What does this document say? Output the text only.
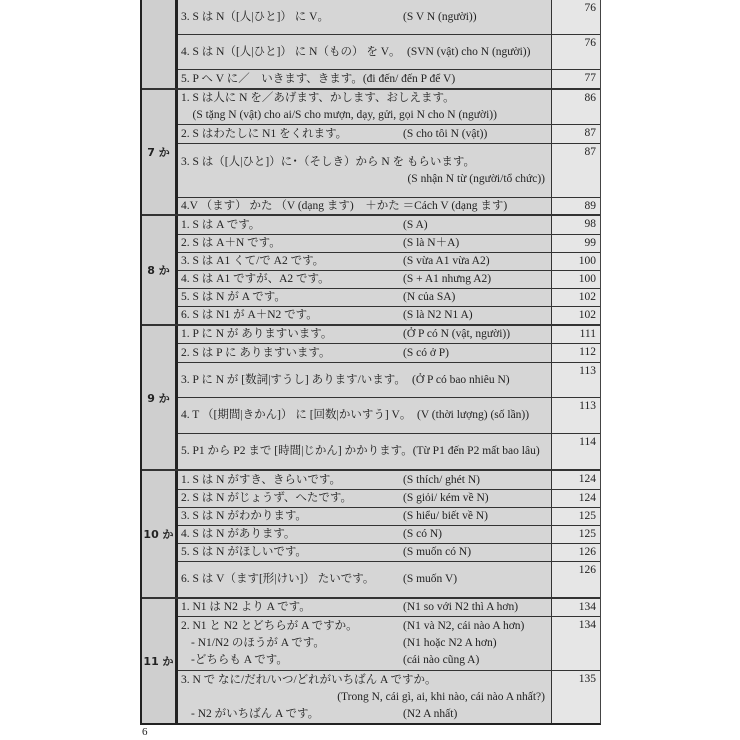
3. S は N（[人|ひと]） に V。	(S V N (người))
76
4. S は N（[人|ひと]） に N（もの） を V。 (SVN (vật) cho N (người))
76
5. P へ V に／　いきます、きます。(đi đến/ đến P để V)	77
7 か
1. S は人に N を／あげます、かします、おしえます。
　(S tặng N (vật) cho ai/S cho mượn, dạy, gửi, gọi N cho N (người))
86
2. S はわたしに N1 をくれます。	(S cho tôi N (vật))	87
3. S は（[人|ひと]）に･（そしき）から N を もらいます。
(S nhận N từ (người/tổ chức))
87
4.V （ます） かた （V (dạng ます)　＋かた ＝Cách V (dạng ます)	89
8 か
1. S は A です。	(S A)	98
2. S は A＋N です。	(S là N＋A)	99
3. S は A1 くて/で A2 です。	(S vừa A1 vừa A2)	100
4. S は A1 ですが、A2 です。	(S + A1 nhưng A2)	100
5. S は N が A です。	(N của SA)	102
6. S は N1 が A＋N2 です。	(S là N2 N1 A)	102
9 か
1. P に N が ありますいます。	(Ở P có N (vật, người))	111
2. S は P に ありますいます。	(S có ở P)	112
3. P に N が [数詞|すうし] あります/います。 (Ở P có bao nhiêu N)
113
4. T （[期間|きかん]） に [回数|かいすう] V。 (V (thời lượng) (số lần))
113
5. P1 から P2 まで [時間|じかん] かかります。(Từ P1 đến P2 mất bao lâu)
114
10 か
1. S は N がすき、きらいです。	(S thích/ ghét N)	124
2. S は N がじょうず、へたです。	(S giỏi/ kém về N)	124
3. S は N がわかります。	(S hiểu/ biết về N)	125
4. S は N があります。	(S có N)	125
5. S は N がほしいです。	(S muốn có N)	126
6. S は V（ます[形|けい]） たいです。 (S muốn V)
126
11 か
1. N1 は N2 より A です。	(N1 so với N2 thì A hơn)	134
2. N1 と N2 とどちらが A ですか。	(N1 và N2, cái nào A hơn)
- N1/N2 のほうが A です。	(N1 hoặc N2 A hơn)
-どちらも A です。	(cái nào cũng A)
134
3. N で なに/だれ/いつ/どれがいちばん A ですか。
(Trong N, cái gì, ai, khi nào, cái nào A nhất?)
- N2 がいちばん A です。	(N2 A nhất)
135
6
